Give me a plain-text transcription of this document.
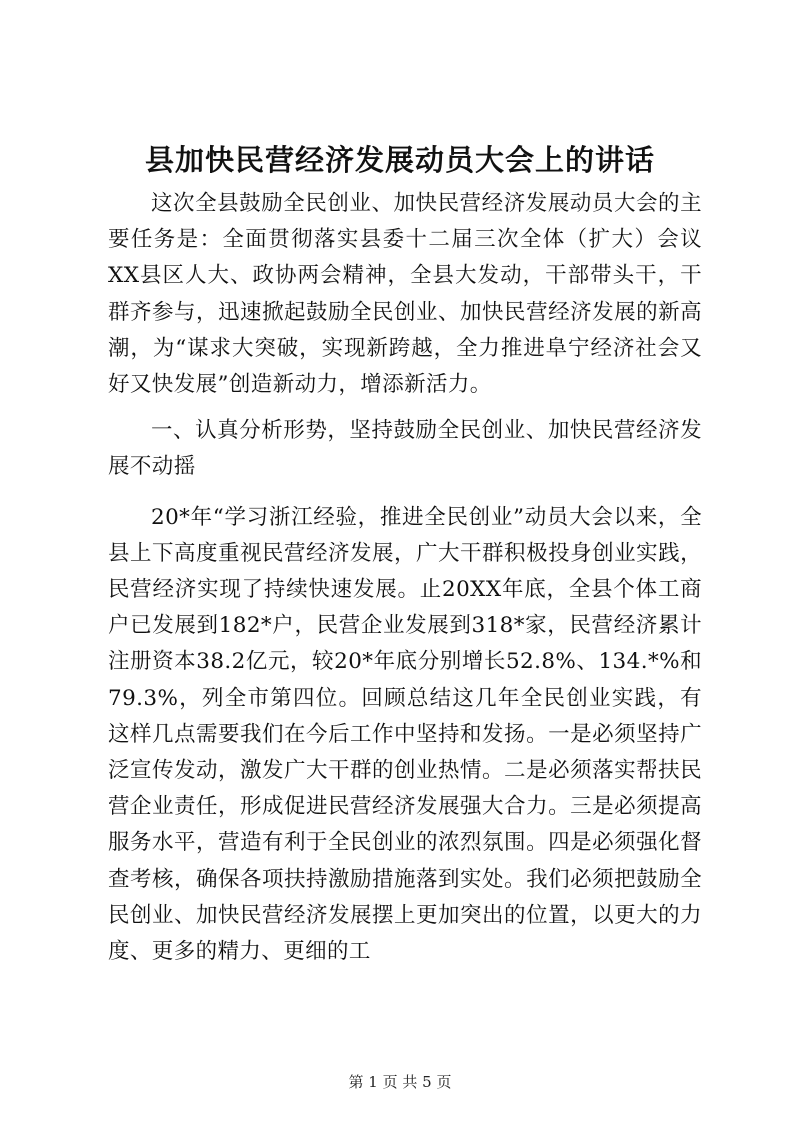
县加快民营经济发展动员大会上的讲话

这次全县鼓励全民创业、加快民营经济发展动员大会的主要任务是：全面贯彻落实县委十二届三次全体（扩大）会议XX县区人大、政协两会精神，全县大发动，干部带头干，干群齐参与，迅速掀起鼓励全民创业、加快民营经济发展的新高潮，为“谋求大突破，实现新跨越，全力推进阜宁经济社会又好又快发展”创造新动力，增添新活力。

一、认真分析形势，坚持鼓励全民创业、加快民营经济发展不动摇

20*年“学习浙江经验，推进全民创业”动员大会以来，全县上下高度重视民营经济发展，广大干群积极投身创业实践，民营经济实现了持续快速发展。止20XX年底，全县个体工商户已发展到182*户，民营企业发展到318*家，民营经济累计注册资本38.2亿元，较20*年底分别增长52.8%、134.*%和79.3%，列全市第四位。回顾总结这几年全民创业实践，有这样几点需要我们在今后工作中坚持和发扬。一是必须坚持广泛宣传发动，激发广大干群的创业热情。二是必须落实帮扶民营企业责任，形成促进民营经济发展强大合力。三是必须提高服务水平，营造有利于全民创业的浓烈氛围。四是必须强化督查考核，确保各项扶持激励措施落到实处。我们必须把鼓励全民创业、加快民营经济发展摆上更加突出的位置，以更大的力度、更多的精力、更细的工

第 1 页 共 5 页
